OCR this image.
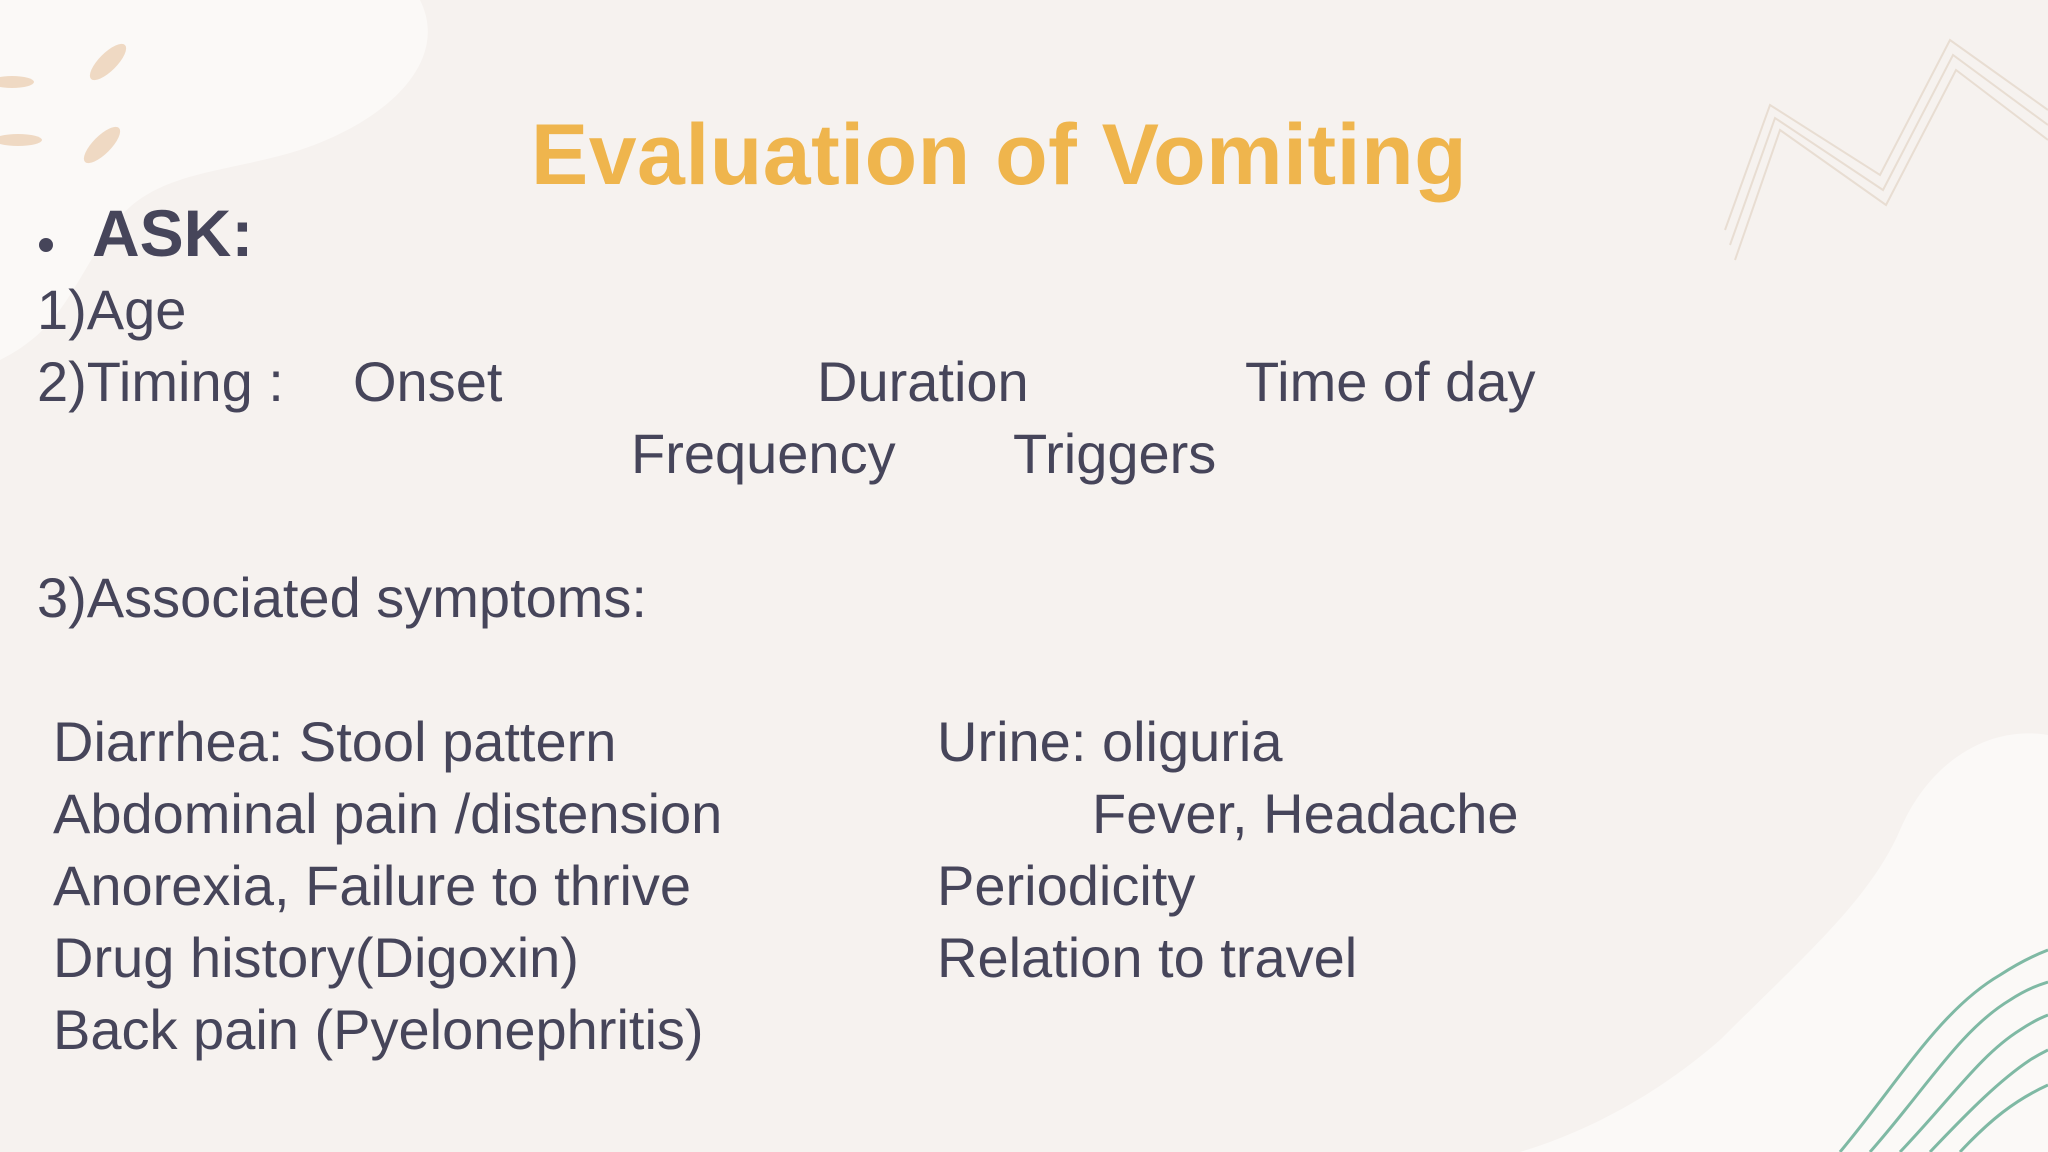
Evaluation of Vomiting
ASK:
1)Age
2)Timing : Onset	Duration	Time of day
Frequency Triggers
3)Associated symptoms:
Diarrhea: Stool pattern
Abdominal pain /distension
Anorexia, Failure to thrive
Drug history(Digoxin)
Back pain (Pyelonephritis)
Urine: oliguria
Fever, Headache
Periodicity
Relation to travel
